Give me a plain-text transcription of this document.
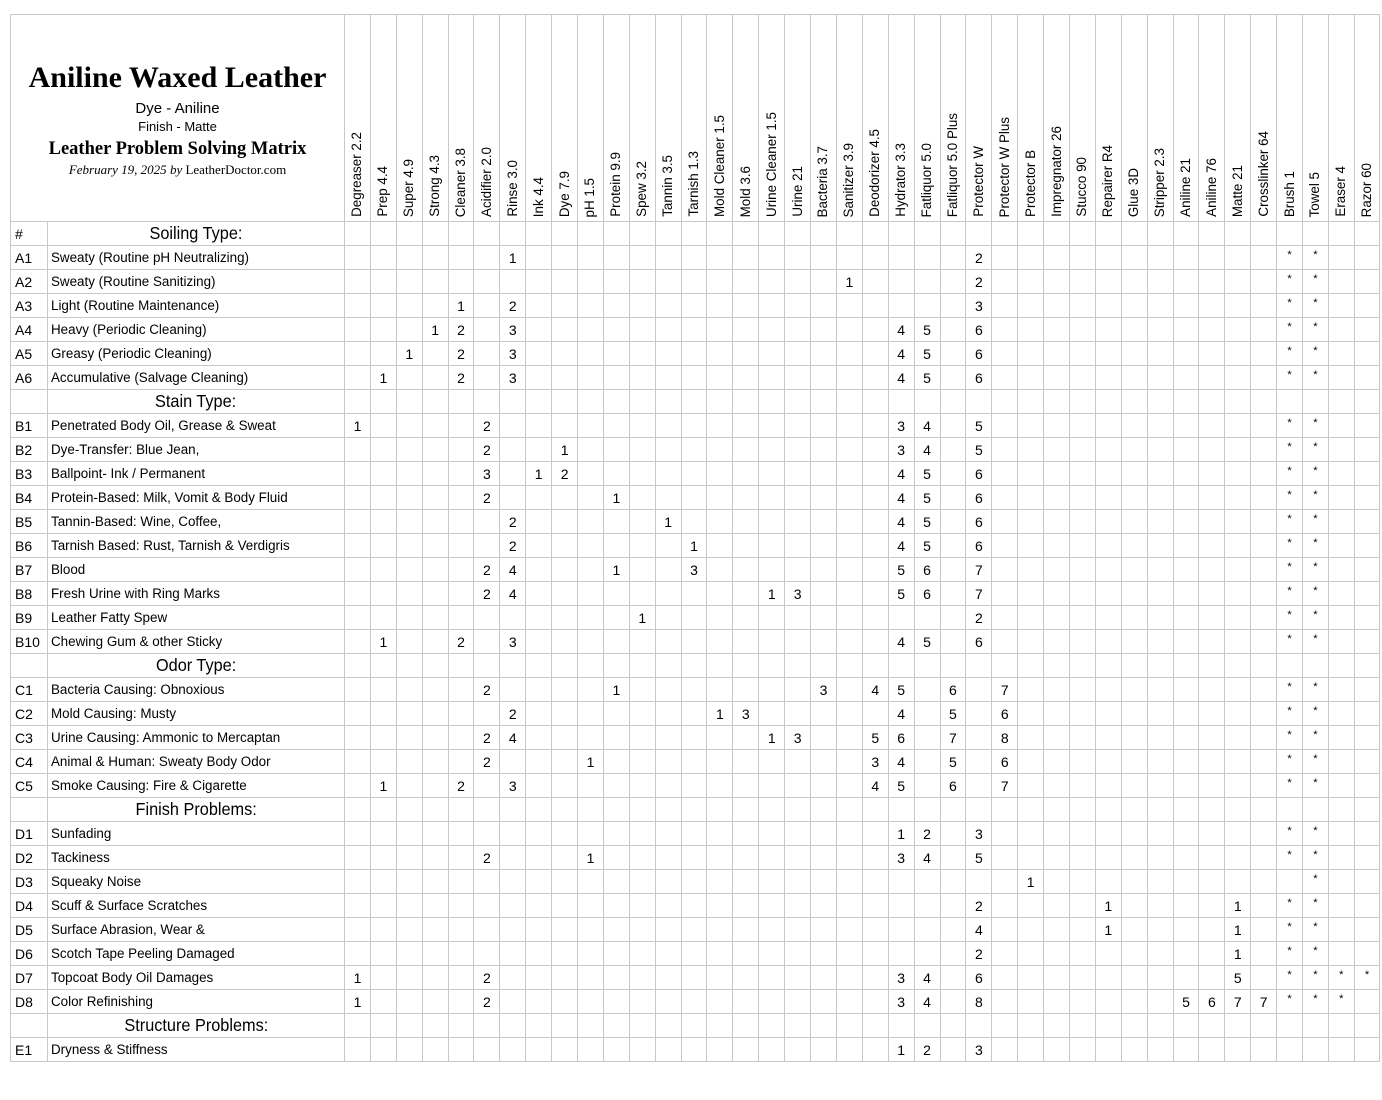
Aniline Waxed Leather
Dye - Aniline
Finish - Matte
Leather Problem Solving Matrix
February 19, 2025 by LeatherDoctor.com		Degreaser 2.2	Prep 4.4	Super 4.9	Strong 4.3	Cleaner 3.8	Acidifier 2.0	Rinse 3.0	Ink 4.4	Dye 7.9	pH 1.5	Protein 9.9	Spew 3.2	Tannin 3.5	Tarnish 1.3	Mold Cleaner 1.5	Mold 3.6	Urine Cleaner 1.5	Urine 21	Bacteria 3.7	Sanitizer 3.9	Deodorizer 4.5	Hydrator 3.3	Fatliquor 5.0	Fatliquor 5.0 Plus	Protector W	Protector W Plus	Protector B	Impregnator 26	Stucco 90	Repairer R4	Glue 3D	Stripper 2.3	Aniline 21	Aniline 76	Matte 21	Crosslinker 64	Brush 1	Towel 5	Eraser 4	Razor 60

#	Soiling Type:																																								
A1	Sweaty (Routine pH Neutralizing)							1																		2												*	*		
A2	Sweaty (Routine Sanitizing)																				1					2												*	*		
A3	Light (Routine Maintenance)					1		2																		3												*	*		
A4	Heavy (Periodic Cleaning)				1	2		3															4	5		6												*	*		
A5	Greasy (Periodic Cleaning)			1		2		3															4	5		6												*	*		
A6	Accumulative (Salvage Cleaning)		1			2		3															4	5		6												*	*		
	Stain Type:																																								
B1	Penetrated Body Oil, Grease & Sweat	1					2																3	4		5												*	*		
B2	Dye-Transfer: Blue Jean,						2			1													3	4		5												*	*		
B3	Ballpoint- Ink / Permanent						3		1	2													4	5		6												*	*		
B4	Protein-Based: Milk, Vomit & Body Fluid						2					1											4	5		6												*	*		
B5	Tannin-Based: Wine, Coffee,							2						1									4	5		6												*	*		
B6	Tarnish Based: Rust, Tarnish & Verdigris							2							1								4	5		6												*	*		
B7	Blood						2	4				1			3								5	6		7												*	*		
B8	Fresh Urine with Ring Marks						2	4										1	3				5	6		7												*	*		
B9	Leather Fatty Spew												1													2												*	*		
B10	Chewing Gum & other Sticky		1			2		3															4	5		6												*	*		
	Odor Type:																																								
C1	Bacteria Causing: Obnoxious						2					1								3		4	5		6		7											*	*		
C2	Mold Causing: Musty							2								1	3						4		5		6											*	*		
C3	Urine Causing: Ammonic to Mercaptan						2	4										1	3			5	6		7		8											*	*		
C4	Animal & Human: Sweaty Body Odor						2				1											3	4		5		6											*	*		
C5	Smoke Causing: Fire & Cigarette		1			2		3														4	5		6		7											*	*		
	Finish Problems:																																								
D1	Sunfading																						1	2		3												*	*		
D2	Tackiness						2				1												3	4		5												*	*		
D3	Squeaky Noise																											1											*		
D4	Scuff & Surface Scratches																									2					1					1		*	*		
D5	Surface Abrasion, Wear &																									4					1					1		*	*		
D6	Scotch Tape Peeling Damaged																									2										1		*	*		
D7	Topcoat Body Oil Damages	1					2																3	4		6										5		*	*	*	*
D8	Color Refinishing	1					2																3	4		8								5	6	7	7	*	*	*	
	Structure Problems:																																								
E1	Dryness & Stiffness																						1	2		3															
